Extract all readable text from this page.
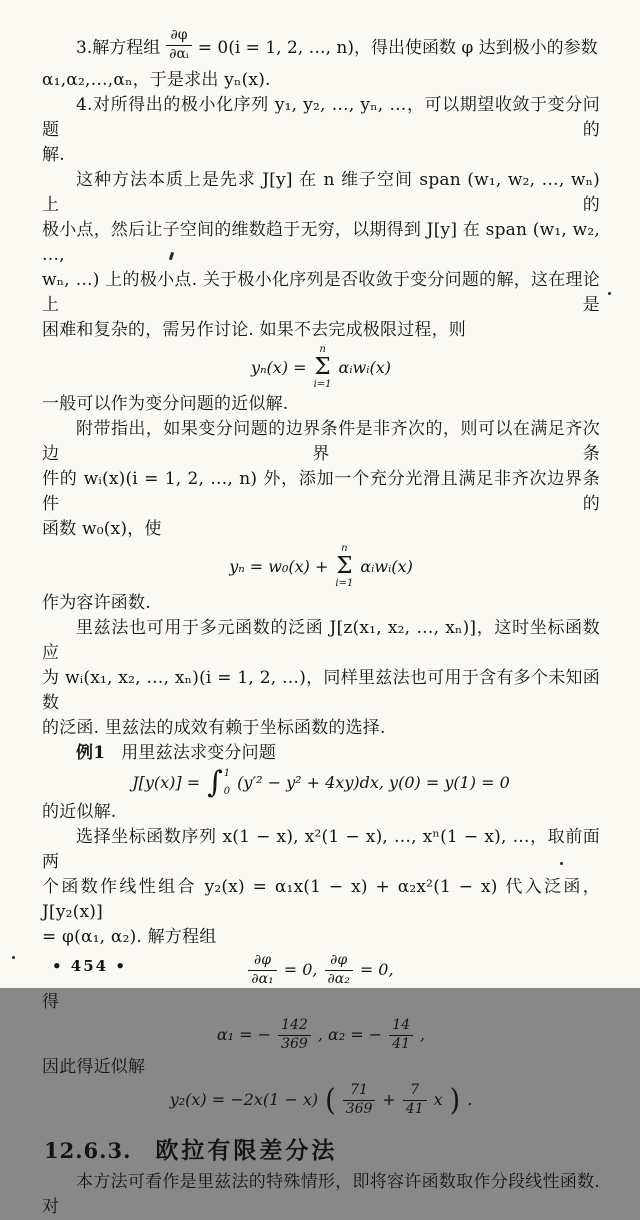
3.解方程组 $\frac{\partial\varphi}{\text{∂αᵢ}} = 0(i = 1$, 2, …, n)，得出使函数 φ 达到极小的参数
α₁,α₂,…,αₙ，于是求出 yₙ(x).
4.对所得出的极小化序列 y₁, y₂, …, yₙ, …，可以期望收敛于变分问题的
解.
这种方法本质上是先求 J[y] 在 n 维子空间 span (w₁, w₂, …, wₙ) 上的
极小点，然后让子空间的维数趋于无穷，以期得到 J[y] 在 span (w₁, w₂, …,
wₙ, …) 上的极小点. 关于极小化序列是否收敛于变分问题的解，这在理论上是
困难和复杂的，需另作讨论. 如果不去完成极限过程，则
yₙ(x) =
n
Σ
i=1
αᵢwᵢ(x)
一般可以作为变分问题的近似解.
附带指出，如果变分问题的边界条件是非齐次的，则可以在满足齐次边界条
件的 wᵢ(x)(i = 1, 2, …, n) 外，添加一个充分光滑且满足非齐次边界条件的
函数 w₀(x)，使
yₙ = w₀(x) +
n
Σ
i=1
αᵢwᵢ(x)
作为容许函数.
里兹法也可用于多元函数的泛函 J[z(x₁, x₂, …, xₙ)]，这时坐标函数应
为 wᵢ(x₁, x₂, …, xₙ)(i = 1, 2, …)，同样里兹法也可用于含有多个未知函数
的泛函. 里兹法的成效有赖于坐标函数的选择.
例1 用里兹法求变分问题
J[y(x)] = ∫ 1
0 (y′² − y² + 4xy)dx, y(0) = y(1) = 0
的近似解.
选择坐标函数序列 x(1 − x), x²(1 − x), …, xⁿ(1 − x), …，取前面两
个函数作线性组合 y₂(x) = α₁x(1 − x) + α₂x²(1 − x) 代入泛函，J[y₂(x)]
= φ(α₁, α₂). 解方程组
$\frac{\partial\varphi}{\text{∂α₁}} = 0$, $\frac{\partial\varphi}{\text{∂α₂}} = 0$,
得
α₁ = − $\frac{142}{369}$ , α₂ = − $\frac{14}{41}$ ,
因此得近似解
y₂(x) = −2x(1 − x) ( $\frac{71}{369} + \frac{7}{41}$ x ) .
12.6.3. 欧拉有限差分法
本方法可看作是里兹法的特殊情形，即将容许函数取作分段线性函数. 对
• 454 •
